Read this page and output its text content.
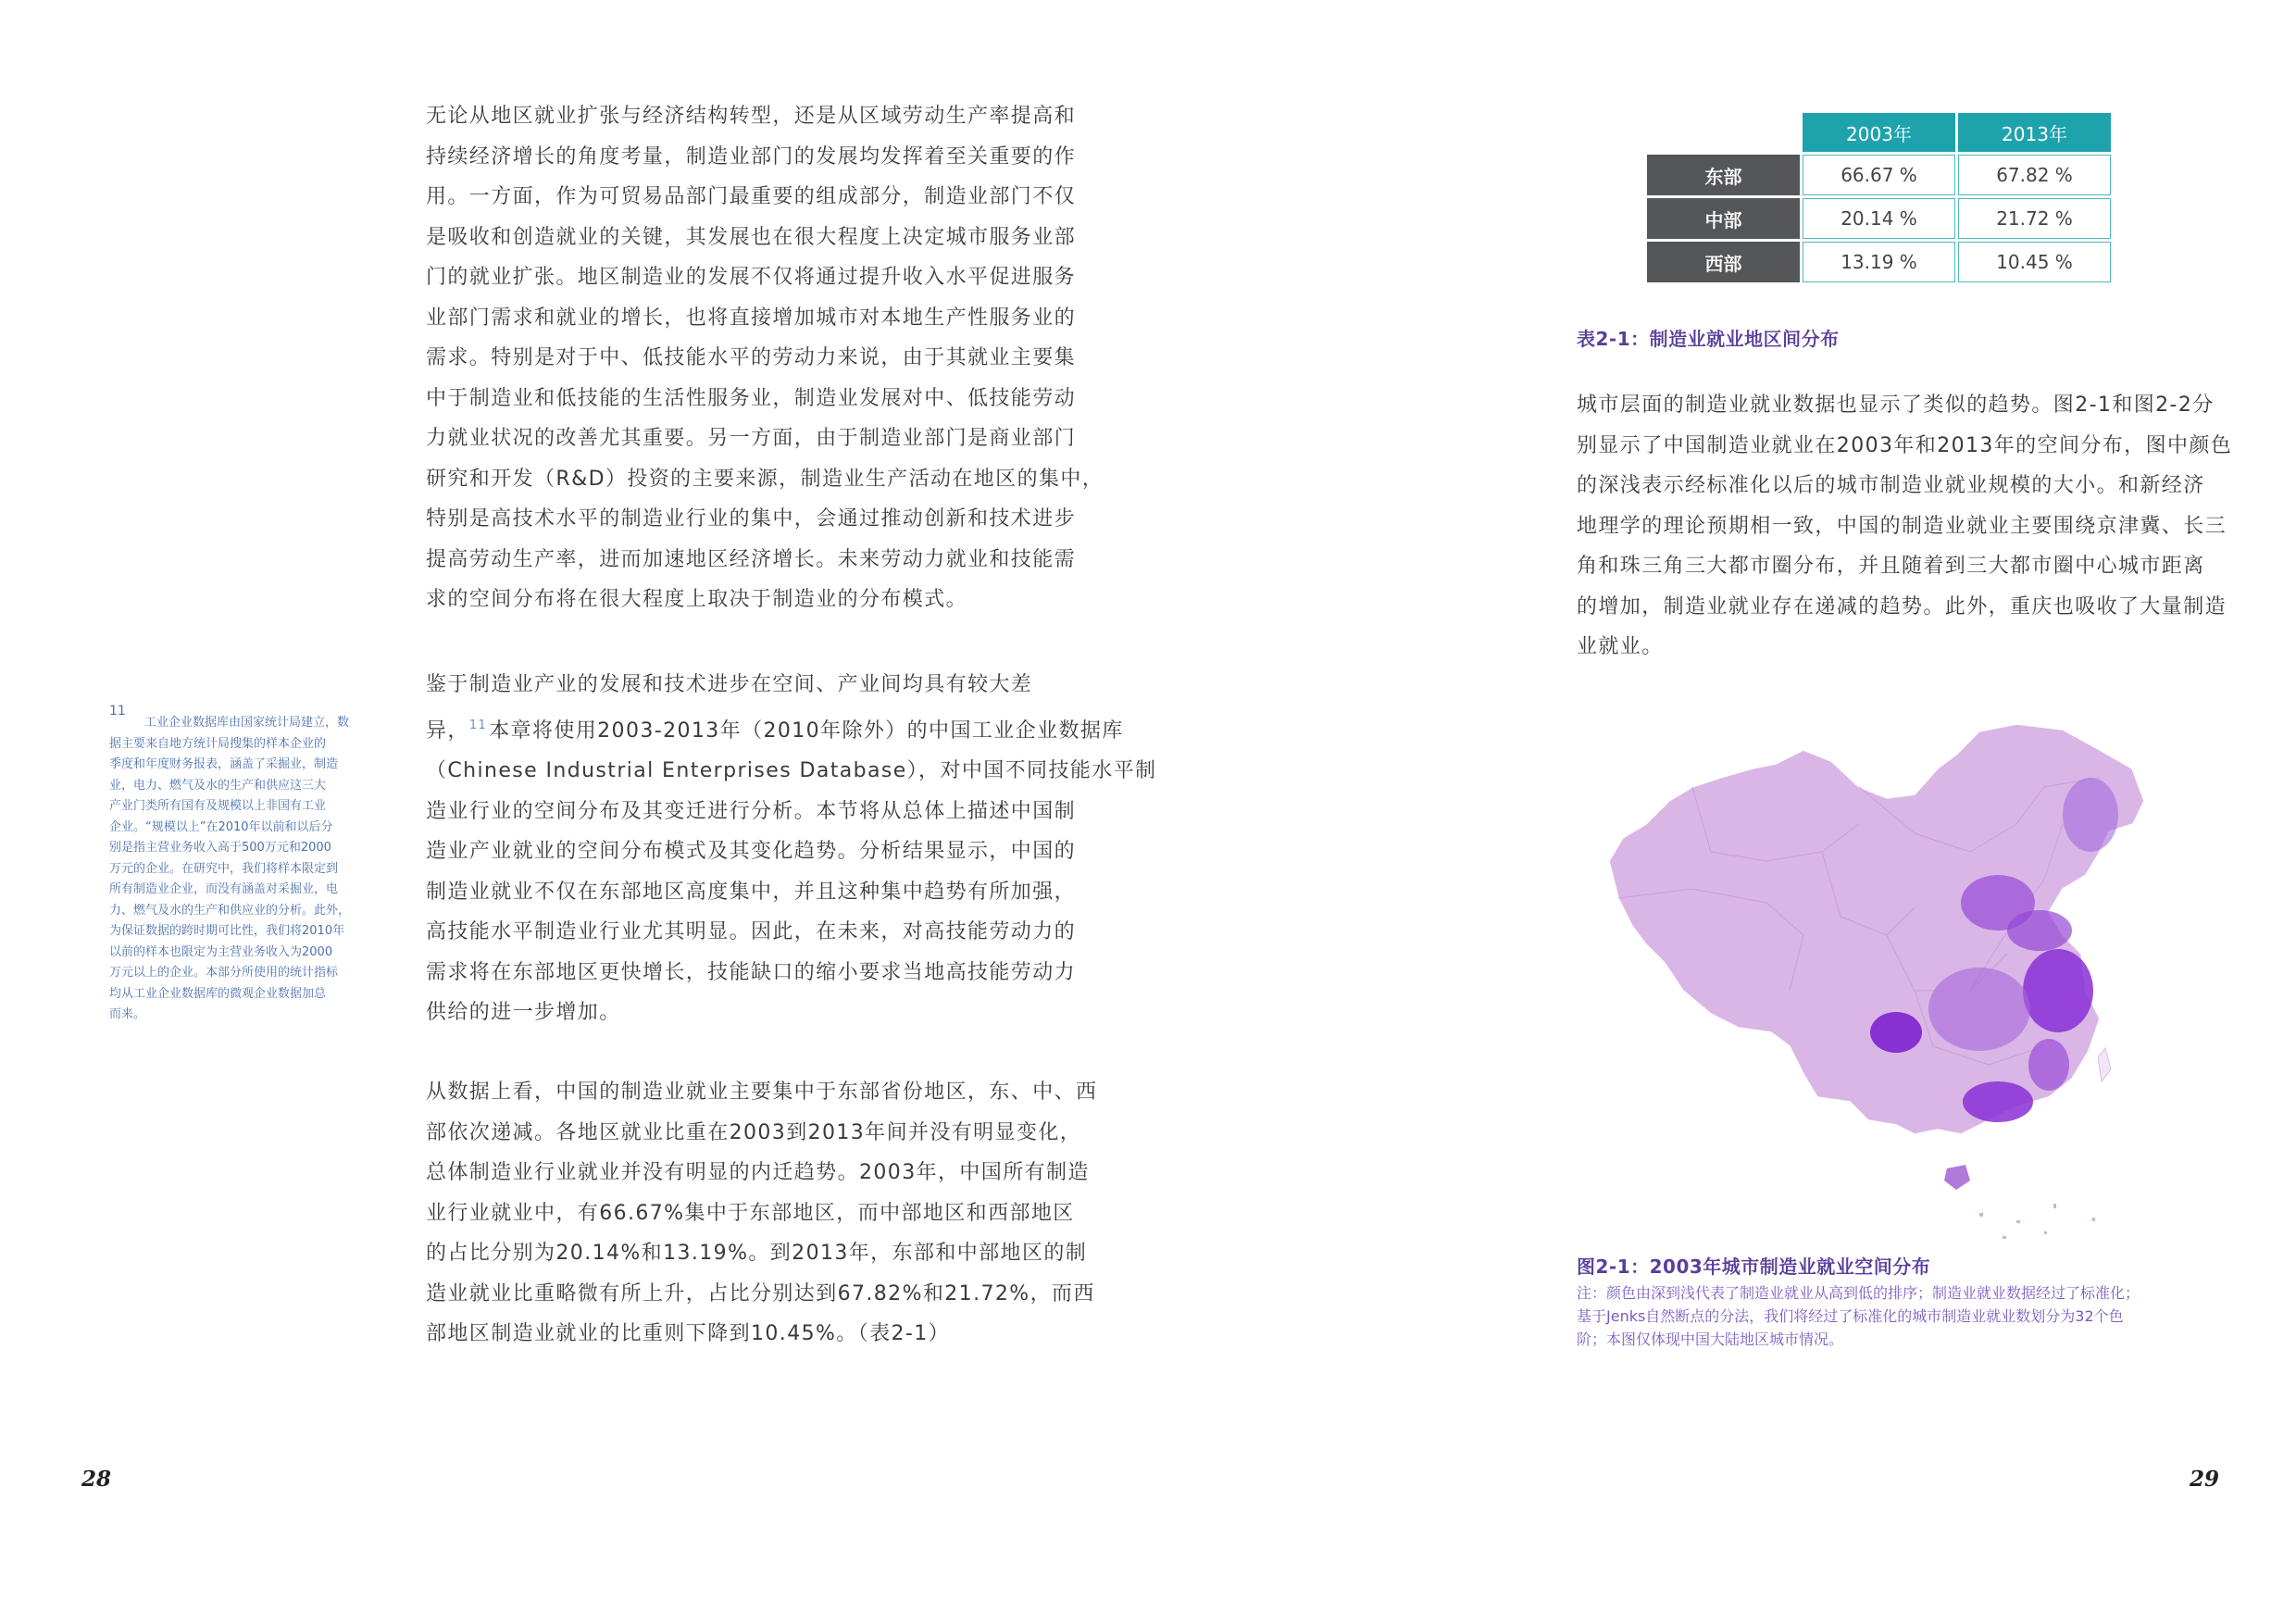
无论从地区就业扩张与经济结构转型，还是从区域劳动生产率提高和
持续经济增长的角度考量，制造业部门的发展均发挥着至关重要的作
用。一方面，作为可贸易品部门最重要的组成部分，制造业部门不仅
是吸收和创造就业的关键，其发展也在很大程度上决定城市服务业部
门的就业扩张。地区制造业的发展不仅将通过提升收入水平促进服务
业部门需求和就业的增长，也将直接增加城市对本地生产性服务业的
需求。特别是对于中、低技能水平的劳动力来说，由于其就业主要集
中于制造业和低技能的生活性服务业，制造业发展对中、低技能劳动
力就业状况的改善尤其重要。另一方面，由于制造业部门是商业部门
研究和开发（R&D）投资的主要来源，制造业生产活动在地区的集中，
特别是高技术水平的制造业行业的集中，会通过推动创新和技术进步
提高劳动生产率，进而加速地区经济增长。未来劳动力就业和技能需
求的空间分布将在很大程度上取决于制造业的分布模式。
鉴于制造业产业的发展和技术进步在空间、产业间均具有较大差
异，$^{11}$本章将使用2003-2013年（2010年除外）的中国工业企业数据库
（Chinese Industrial Enterprises Database），对中国不同技能水平制
造业行业的空间分布及其变迁进行分析。本节将从总体上描述中国制
造业产业就业的空间分布模式及其变化趋势。分析结果显示，中国的
制造业就业不仅在东部地区高度集中，并且这种集中趋势有所加强，
高技能水平制造业行业尤其明显。因此，在未来，对高技能劳动力的
需求将在东部地区更快增长，技能缺口的缩小要求当地高技能劳动力
供给的进一步增加。
从数据上看，中国的制造业就业主要集中于东部省份地区，东、中、西
部依次递减。各地区就业比重在2003到2013年间并没有明显变化，
总体制造业行业就业并没有明显的内迁趋势。2003年，中国所有制造
业行业就业中，有66.67%集中于东部地区，而中部地区和西部地区
的占比分别为20.14%和13.19%。到2013年，东部和中部地区的制
造业就业比重略微有所上升，占比分别达到67.82%和21.72%，而西
部地区制造业就业的比重则下降到10.45%。（表2-1）
11
工业企业数据库由国家统计局建立，数
据主要来自地方统计局搜集的样本企业的
季度和年度财务报表，涵盖了采掘业，制造
业，电力、燃气及水的生产和供应这三大
产业门类所有国有及规模以上非国有工业
企业。“规模以上”在2010年以前和以后分
别是指主营业务收入高于500万元和2000
万元的企业。在研究中，我们将样本限定到
所有制造业企业，而没有涵盖对采掘业，电
力、燃气及水的生产和供应业的分析。此外，
为保证数据的跨时期可比性，我们将2010年
以前的样本也限定为主营业务收入为2000
万元以上的企业。本部分所使用的统计指标
均从工业企业数据库的微观企业数据加总
而来。
28
	2003年	2013年
东部	66.67 %	67.82 %
中部	20.14 %	21.72 %
西部	13.19 %	10.45 %
表2-1：制造业就业地区间分布
城市层面的制造业就业数据也显示了类似的趋势。图2-1和图2-2分
别显示了中国制造业就业在2003年和2013年的空间分布，图中颜色
的深浅表示经标准化以后的城市制造业就业规模的大小。和新经济
地理学的理论预期相一致，中国的制造业就业主要围绕京津冀、长三
角和珠三角三大都市圈分布，并且随着到三大都市圈中心城市距离
的增加，制造业就业存在递减的趋势。此外，重庆也吸收了大量制造
业就业。
图2-1：2003年城市制造业就业空间分布
注：颜色由深到浅代表了制造业就业从高到低的排序；制造业就业数据经过了标准化；
基于Jenks自然断点的分法，我们将经过了标准化的城市制造业就业数划分为32个色
阶；本图仅体现中国大陆地区城市情况。
29
